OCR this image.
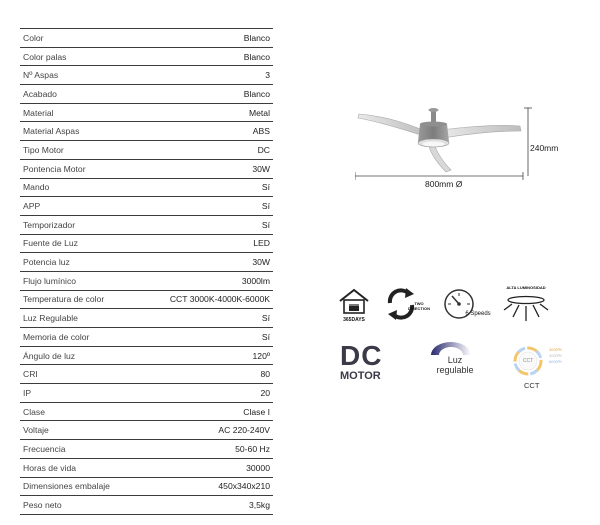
Color	Blanco
Color palas	Blanco
Nº Aspas	3
Acabado	Blanco
Material	Metal
Material Aspas	ABS
Tipo Motor	DC
Pontencia Motor	30W
Mando	Sí
APP	Sí
Temporizador	Sí
Fuente de Luz	LED
Potencia luz	30W
Flujo lumínico	3000lm
Temperatura de color	CCT 3000K-4000K-6000K
Luz Regulable	Sí
Memoria de color	Sí
Ángulo de luz	120º
CRI	80
IP	20
Clase	Clase I
Voltaje	AC 220-240V
Frecuencia	50-60 Hz
Horas de vida	30000
Dimensiones embalaje	450x340x210
Peso neto	3,5kg
800mm Ø
240mm
365DAYS
TWO DIRECTION
6 Speeds
ALTA LUMINOSIDAD
DC
MOTOR
Luz
regulable
CCT
3000ºK
4000ºK
6000ºK
CCT
